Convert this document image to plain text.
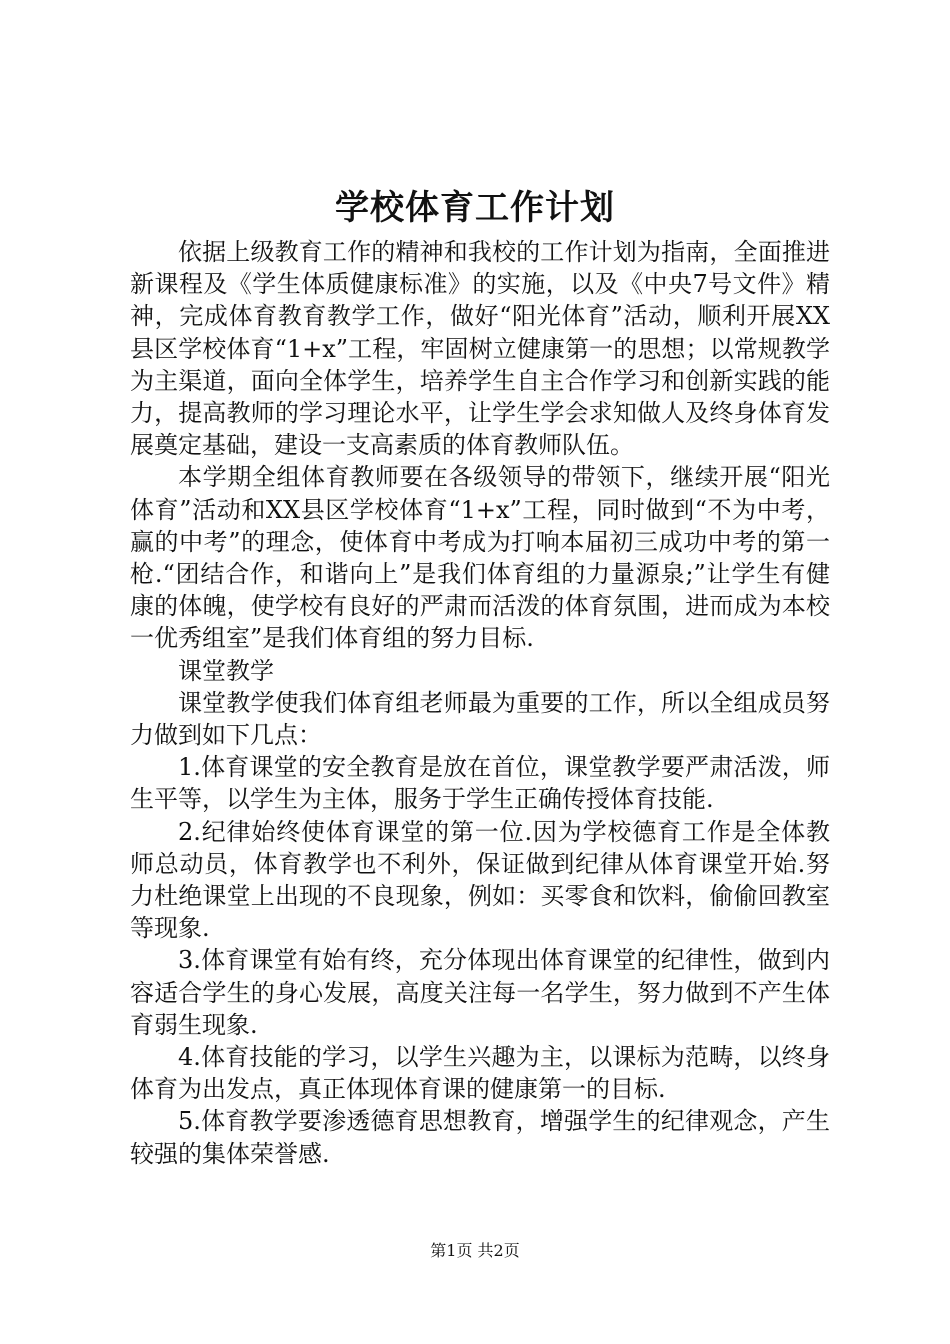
学校体育工作计划

依据上级教育工作的精神和我校的工作计划为指南，全面推进新课程及《学生体质健康标准》的实施，以及《中央7号文件》精神，完成体育教育教学工作，做好“阳光体育”活动，顺利开展XX县区学校体育“1+x”工程，牢固树立健康第一的思想；以常规教学为主渠道，面向全体学生，培养学生自主合作学习和创新实践的能力，提高教师的学习理论水平，让学生学会求知做人及终身体育发展奠定基础，建设一支高素质的体育教师队伍。

本学期全组体育教师要在各级领导的带领下，继续开展“阳光体育”活动和XX县区学校体育“1+x”工程，同时做到“不为中考，赢的中考”的理念，使体育中考成为打响本届初三成功中考的第一枪.“团结合作，和谐向上”是我们体育组的力量源泉;”让学生有健康的体魄，使学校有良好的严肃而活泼的体育氛围，进而成为本校一优秀组室”是我们体育组的努力目标.

课堂教学

课堂教学使我们体育组老师最为重要的工作，所以全组成员努力做到如下几点：

1.体育课堂的安全教育是放在首位，课堂教学要严肃活泼，师生平等，以学生为主体，服务于学生正确传授体育技能.

2.纪律始终使体育课堂的第一位.因为学校德育工作是全体教师总动员，体育教学也不利外，保证做到纪律从体育课堂开始.努力杜绝课堂上出现的不良现象，例如：买零食和饮料，偷偷回教室等现象.

3.体育课堂有始有终，充分体现出体育课堂的纪律性，做到内容适合学生的身心发展，高度关注每一名学生，努力做到不产生体育弱生现象.

4.体育技能的学习，以学生兴趣为主，以课标为范畴，以终身体育为出发点，真正体现体育课的健康第一的目标.

5.体育教学要渗透德育思想教育，增强学生的纪律观念，产生较强的集体荣誉感.

第1页 共2页
